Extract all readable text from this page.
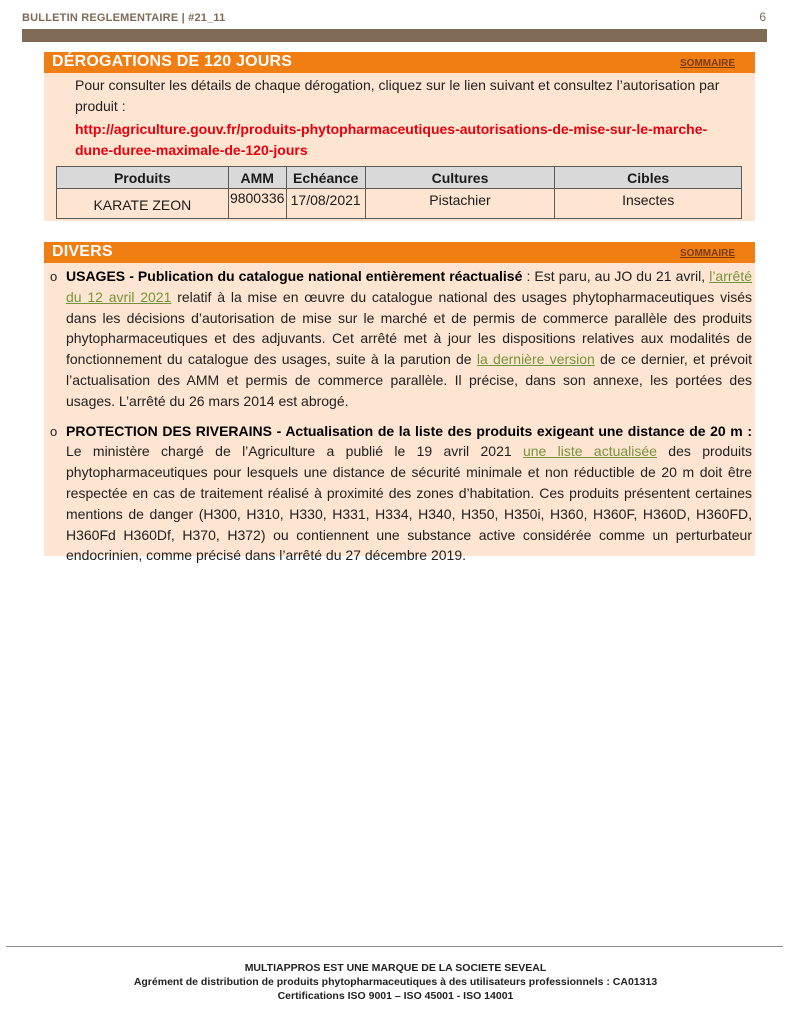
BULLETIN REGLEMENTAIRE | #21_11	6
DÉROGATIONS DE 120 JOURS	SOMMAIRE
Pour consulter les détails de chaque dérogation, cliquez sur le lien suivant et consultez l’autorisation par produit :
http://agriculture.gouv.fr/produits-phytopharmaceutiques-autorisations-de-mise-sur-le-marche-dune-duree-maximale-de-120-jours
Produits	AMM	Echéance	Cultures	Cibles
KARATE ZEON	9800336	17/08/2021	Pistachier	Insectes
DIVERS	SOMMAIRE
o USAGES - Publication du catalogue national entièrement réactualisé : Est paru, au JO du 21 avril, l’arrêté du 12 avril 2021 relatif à la mise en œuvre du catalogue national des usages phytopharmaceutiques visés dans les décisions d’autorisation de mise sur le marché et de permis de commerce parallèle des produits phytopharmaceutiques et des adjuvants. Cet arrêté met à jour les dispositions relatives aux modalités de fonctionnement du catalogue des usages, suite à la parution de la dernière version de ce dernier, et prévoit l’actualisation des AMM et permis de commerce parallèle. Il précise, dans son annexe, les portées des usages. L’arrêté du 26 mars 2014 est abrogé.
o PROTECTION DES RIVERAINS - Actualisation de la liste des produits exigeant une distance de 20 m : Le ministère chargé de l’Agriculture a publié le 19 avril 2021 une liste actualisée des produits phytopharmaceutiques pour lesquels une distance de sécurité minimale et non réductible de 20 m doit être respectée en cas de traitement réalisé à proximité des zones d’habitation. Ces produits présentent certaines mentions de danger (H300, H310, H330, H331, H334, H340, H350, H350i, H360, H360F, H360D, H360FD, H360Fd H360Df, H370, H372) ou contiennent une substance active considérée comme un perturbateur endocrinien, comme précisé dans l’arrêté du 27 décembre 2019.
MULTIAPPROS EST UNE MARQUE DE LA SOCIETE SEVEAL
Agrément de distribution de produits phytopharmaceutiques à des utilisateurs professionnels : CA01313
Certifications ISO 9001 – ISO 45001 - ISO 14001
